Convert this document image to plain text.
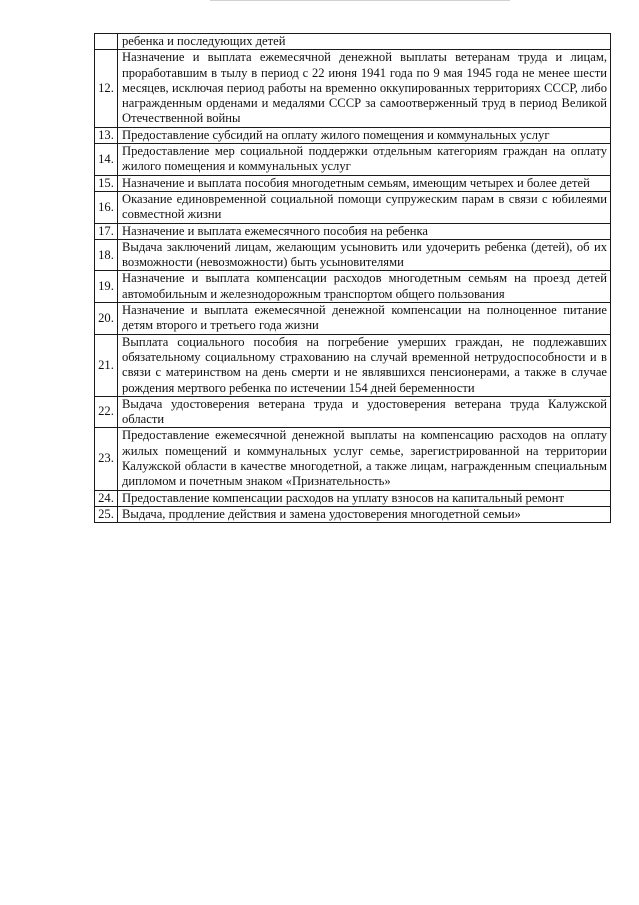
	ребенка и последующих детей
12.	Назначение и выплата ежемесячной денежной выплаты ветеранам труда и лицам, проработавшим в тылу в период с 22 июня 1941 года по 9 мая 1945 года не менее шести месяцев, исключая период работы на временно оккупированных территориях СССР, либо награжденным орденами и медалями СССР за самоотверженный труд в период Великой Отечественной войны
13.	Предоставление субсидий на оплату жилого помещения и коммунальных услуг
14.	Предоставление мер социальной поддержки отдельным категориям граждан на оплату жилого помещения и коммунальных услуг
15.	Назначение и выплата пособия многодетным семьям, имеющим четырех и более детей
16.	Оказание единовременной социальной помощи супружеским парам в связи с юбилеями совместной жизни
17.	Назначение и выплата ежемесячного пособия на ребенка
18.	Выдача заключений лицам, желающим усыновить или удочерить ребенка (детей), об их возможности (невозможности) быть усыновителями
19.	Назначение и выплата компенсации расходов многодетным семьям на проезд детей автомобильным и железнодорожным транспортом общего пользования
20.	Назначение и выплата ежемесячной денежной компенсации на полноценное питание детям второго и третьего года жизни
21.	Выплата социального пособия на погребение умерших граждан, не подлежавших обязательному социальному страхованию на случай временной нетрудоспособности и в связи с материнством на день смерти и не являвшихся пенсионерами, а также в случае рождения мертвого ребенка по истечении 154 дней беременности
22.	Выдача удостоверения ветерана труда и удостоверения ветерана труда Калужской области
23.	Предоставление ежемесячной денежной выплаты на компенсацию расходов на оплату жилых помещений и коммунальных услуг семье, зарегистрированной на территории Калужской области в качестве многодетной, а также лицам, награжденным специальным дипломом и почетным знаком «Признательность»
24.	Предоставление компенсации расходов на уплату взносов на капитальный ремонт
25.	Выдача, продление действия и замена удостоверения многодетной семьи»
